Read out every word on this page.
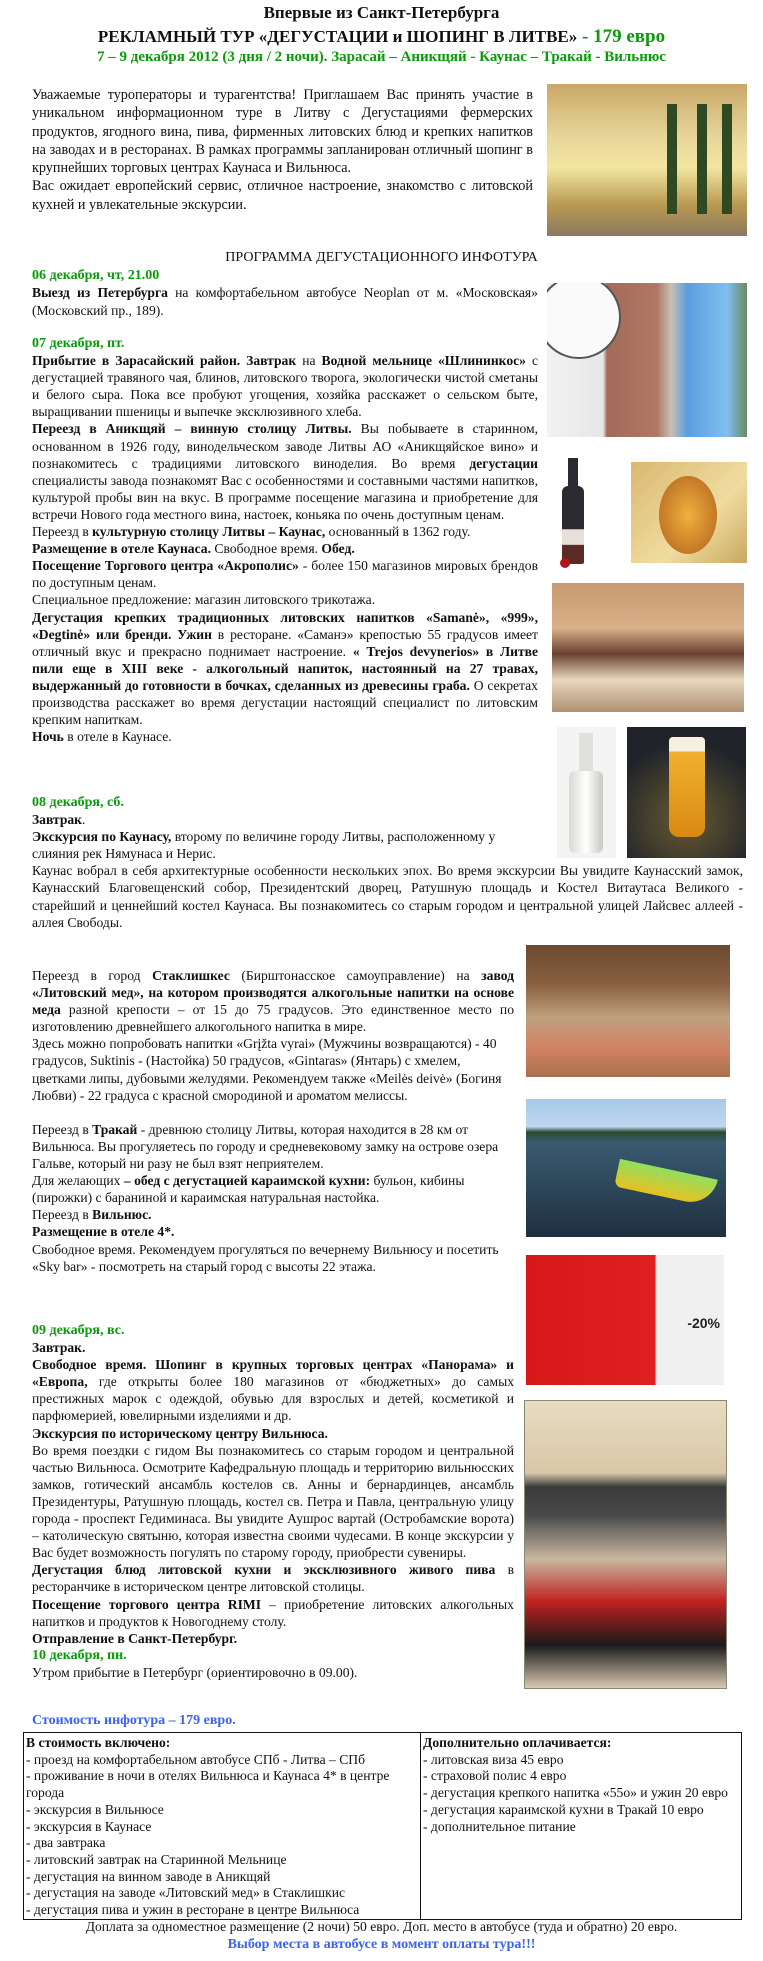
Впервые из Санкт-Петербурга
РЕКЛАМНЫЙ ТУР «ДЕГУСТАЦИИ и ШОПИНГ В ЛИТВЕ» - 179 евро
7 – 9 декабря 2012 (3 дня / 2 ночи). Зарасай – Аникщяй - Каунас – Тракай - Вильнюс

Уважаемые туроператоры и турагентства! Приглашаем Вас принять участие в уникальном информационном туре в Литву с Дегустациями фермерских продуктов, ягодного вина, пива, фирменных литовских блюд и крепких напитков на заводах и в ресторанах. В рамках программы запланирован отличный шопинг в крупнейших торговых центрах Каунаса и Вильнюса.

Вас ожидает европейский сервис, отличное настроение, знакомство с литовской кухней и увлекательные экскурсии.

ПРОГРАММА ДЕГУСТАЦИОННОГО ИНФОТУРА
06 декабря, чт, 21.00

Выезд из Петербурга на комфортабельном автобусе Neoplan от м. «Московская» (Московский пр., 189).

07 декабря, пт.

Прибытие в Зарасайский район. Завтрак на Водной мельнице «Шлининкос» с дегустацией травяного чая, блинов, литовского творога, экологически чистой сметаны и белого сыра. Пока все пробуют угощения, хозяйка расскажет о сельском быте, выращивании пшеницы и выпечке эксклюзивного хлеба.

Переезд в Аникщяй – винную столицу Литвы. Вы побываете в старинном, основанном в 1926 году, винодельческом заводе Литвы АО «Аникщяйское вино» и познакомитесь с традициями литовского виноделия. Во время дегустации специалисты завода познакомят Вас с особенностями и составными частями напитков, культурой пробы вин на вкус. В программе посещение магазина и приобретение для встречи Нового года местного вина, настоек, коньяка по очень доступным ценам.

Переезд в культурную столицу Литвы – Каунас, основанный в 1362 году.

Размещение в отеле Каунаса. Свободное время. Обед.

Посещение Торгового центра «Акрополис» - более 150 магазинов мировых брендов по доступным ценам.

Специальное предложение: магазин литовского трикотажа.

Дегустация крепких традиционных литовских напитков «Samanė», «999», «Degtinė» или бренди. Ужин в ресторане. «Саманэ» крепостью 55 градусов имеет отличный вкус и прекрасно поднимает настроение. « Trejos devynerios» в Литве пили еще в XIII веке - алкогольный напиток, настоянный на 27 травах, выдержанный до готовности в бочках, сделанных из древесины граба. О секретах производства расскажет во время дегустации настоящий специалист по литовским крепким напиткам.

Ночь в отеле в Каунасе.

08 декабря, сб.

Завтрак.

Экскурсия по Каунасу, второму по величине городу Литвы, расположенному у слияния рек Нямунаса и Нерис.

Каунас вобрал в себя архитектурные особенности нескольких эпох. Во время экскурсии Вы увидите Каунасский замок, Каунасский Благовещенский собор, Президентский дворец, Ратушную площадь и Костел Витаутаса Великого - старейший и ценнейший костел Каунаса. Вы познакомитесь со старым городом и центральной улицей Лайсвес аллеей - аллея Свободы.

Переезд в город Стаклишкес (Бирштонасское самоуправление) на завод «Литовский мед», на котором производятся алкогольные напитки на основе меда разной крепости – от 15 до 75 градусов. Это единственное место по изготовлению древнейшего алкогольного напитка в мире.

Здесь можно попробовать напитки «Grįžta vyrai» (Мужчины возвращаются) - 40 градусов, Suktinis - (Настойка) 50 градусов, «Gintaras» (Янтарь) с хмелем, цветками липы, дубовыми желудями. Рекомендуем также «Meilės deivė» (Богиня Любви) - 22 градуса с красной смородиной и ароматом мелиссы.

Переезд в Тракай - древнюю столицу Литвы, которая находится в 28 км от Вильнюса. Вы прогуляетесь по городу и средневековому замку на острове озера Гальве, который ни разу не был взят неприятелем.

Для желающих – обед с дегустацией караимской кухни: бульон, кибины (пирожки) с бараниной и караимская натуральная настойка.

Переезд в Вильнюс.

Размещение в отеле 4*.

Свободное время. Рекомендуем прогуляться по вечернему Вильнюсу и посетить «Sky bar» - посмотреть на старый город с высоты 22 этажа.

-20%
09 декабря, вс.

Завтрак.

Свободное время. Шопинг в крупных торговых центрах «Панорама» и «Европа, где открыты более 180 магазинов от «бюджетных» до самых престижных марок с одеждой, обувью для взрослых и детей, косметикой и парфюмерией, ювелирными изделиями и др.

Экскурсия по историческому центру Вильнюса.

Во время поездки с гидом Вы познакомитесь со старым городом и центральной частью Вильнюса. Осмотрите Кафедральную площадь и территорию вильнюсских замков, готический ансамбль костелов св. Анны и бернардинцев, ансамбль Президентуры, Ратушную площадь, костел св. Петра и Павла, центральную улицу города - проспект Гедиминаса. Вы увидите Аушрос вартай (Остробамские ворота) – католическую святыню, которая известна своими чудесами. В конце экскурсии у Вас будет возможность погулять по старому городу, приобрести сувениры.

Дегустация блюд литовской кухни и эксклюзивного живого пива в ресторанчике в историческом центре литовской столицы.

Посещение торгового центра RIMI – приобретение литовских алкогольных напитков и продуктов к Новогоднему столу.

Отправление в Санкт-Петербург.

10 декабря, пн.

Утром прибытие в Петербург (ориентировочно в 09.00).

Стоимость инфотура – 179 евро.
В стоимость включено:
- проезд на комфортабельном автобусе СПб - Литва – СПб
- проживание в ночи в отелях Вильнюса и Каунаса 4* в центре города
- экскурсия в Вильнюсе
- экскурсия в Каунасе
- два завтрака
- литовский завтрак на Старинной Мельнице
- дегустация на винном заводе в Аникщяй
- дегустация на заводе «Литовский мед» в Стаклишкис
- дегустация пива и ужин в ресторане в центре Вильнюса

Дополнительно оплачивается:
- литовская виза 45 евро
- страховой полис 4 евро
- дегустация крепкого напитка «55о» и ужин 20 евро
- дегустация караимской кухни в Тракай 10 евро
- дополнительное питание
Доплата за одноместное размещение (2 ночи) 50 евро. Доп. место в автобусе (туда и обратно) 20 евро.
Выбор места в автобусе в момент оплаты тура!!!
